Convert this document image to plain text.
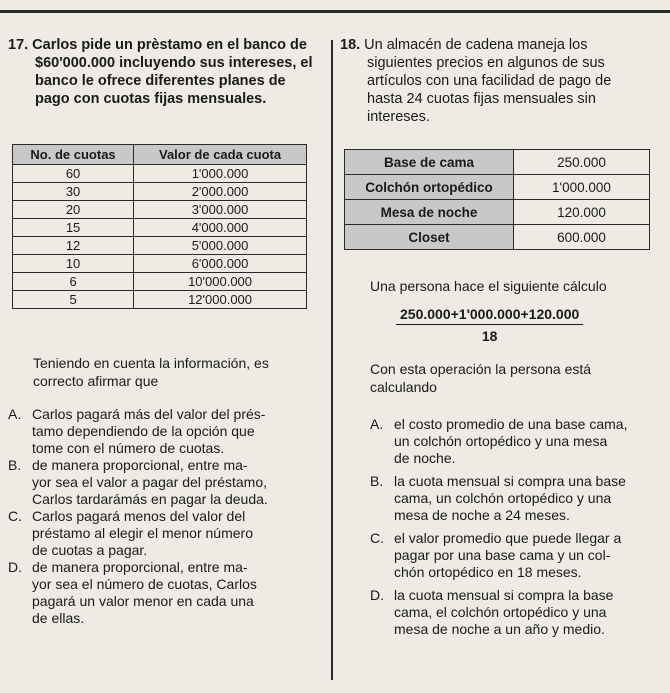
17. Carlos pide un prèstamo en el banco de
$60'000.000 incluyendo sus intereses, el
banco le ofrece diferentes planes de
pago con cuotas fijas mensuales.
No. de cuotas	Valor de cada cuota
60	1'000.000
30	2'000.000
20	3'000.000
15	4'000.000
12	5'000.000
10	6'000.000
6	10'000.000
5	12'000.000
Teniendo en cuenta la información, es
correcto afirmar que
A. Carlos pagará más del valor del prés-
tamo dependiendo de la opción que
tome con el número de cuotas.
B. de manera proporcional, entre ma-
yor sea el valor a pagar del préstamo,
Carlos tardarámás en pagar la deuda.
C. Carlos pagará menos del valor del
préstamo al elegir el menor número
de cuotas a pagar.
D. de manera proporcional, entre ma-
yor sea el número de cuotas, Carlos
pagará un valor menor en cada una
de ellas.
18. Un almacén de cadena maneja los
siguientes precios en algunos de sus
artículos con una facilidad de pago de
hasta 24 cuotas fijas mensuales sin
intereses.
Base de cama	250.000
Colchón ortopédico	1'000.000
Mesa de noche	120.000
Closet	600.000
Una persona hace el siguiente cálculo
$\frac{250.000+1'000.000+120.000}{18}$
Con esta operación la persona está
calculando
A. el costo promedio de una base cama,
un colchón ortopédico y una mesa
de noche.
B. la cuota mensual si compra una base
cama, un colchón ortopédico y una
mesa de noche a 24 meses.
C. el valor promedio que puede llegar a
pagar por una base cama y un col-
chón ortopédico en 18 meses.
D. la cuota mensual si compra la base
cama, el colchón ortopédico y una
mesa de noche a un año y medio.
